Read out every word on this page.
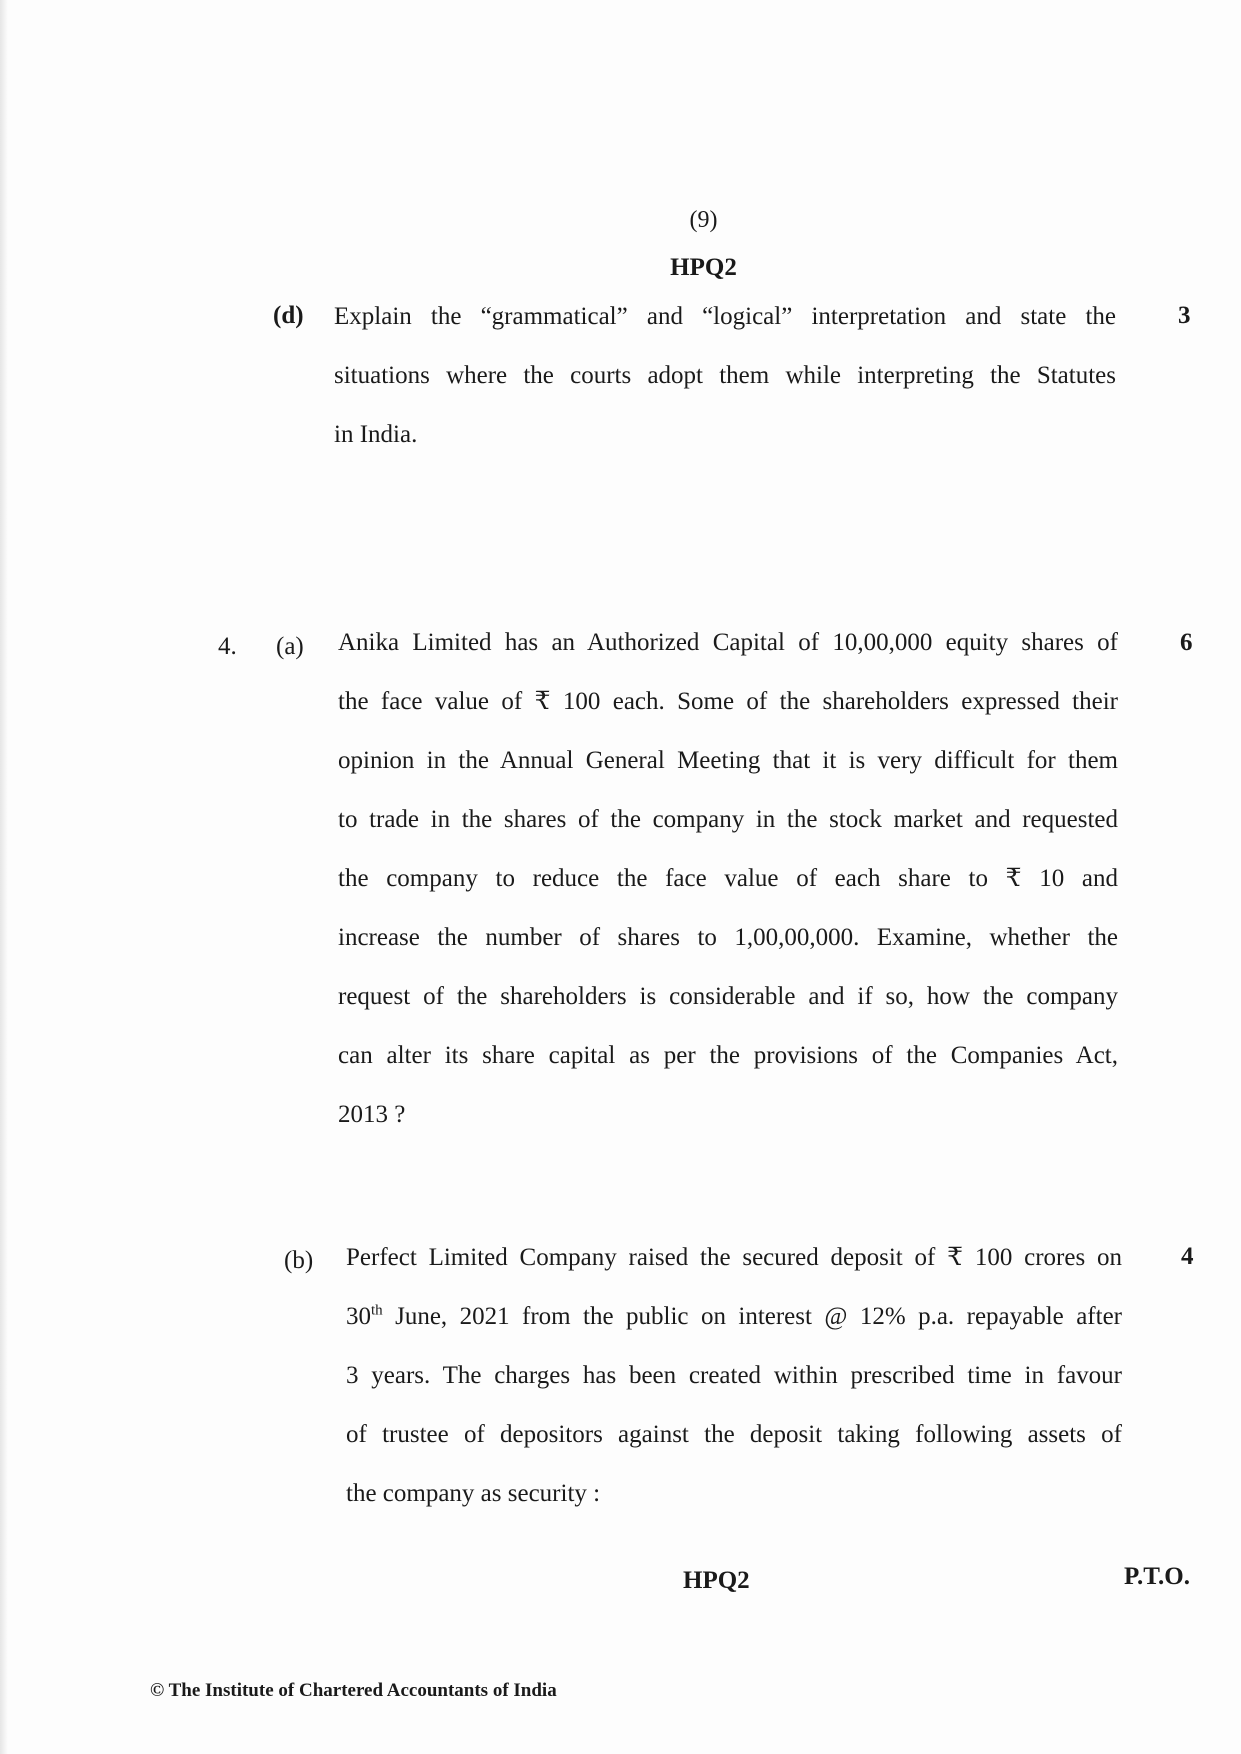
(9)
HPQ2
(d)	3
Explain the “grammatical” and “logical” interpretation and state the
situations where the courts adopt them while interpreting the Statutes
in India.
4. (a)	6
Anika Limited has an Authorized Capital of 10,00,000 equity shares of
the face value of ₹ 100 each. Some of the shareholders expressed their
opinion in the Annual General Meeting that it is very difficult for them
to trade in the shares of the company in the stock market and requested
the company to reduce the face value of each share to ₹ 10 and
increase the number of shares to 1,00,00,000. Examine, whether the
request of the shareholders is considerable and if so, how the company
can alter its share capital as per the provisions of the Companies Act,
2013 ?
(b)	4
Perfect Limited Company raised the secured deposit of ₹ 100 crores on
30th June, 2021 from the public on interest @ 12% p.a. repayable after
3 years. The charges has been created within prescribed time in favour
of trustee of depositors against the deposit taking following assets of
the company as security :
HPQ2	P.T.O.
© The Institute of Chartered Accountants of India
